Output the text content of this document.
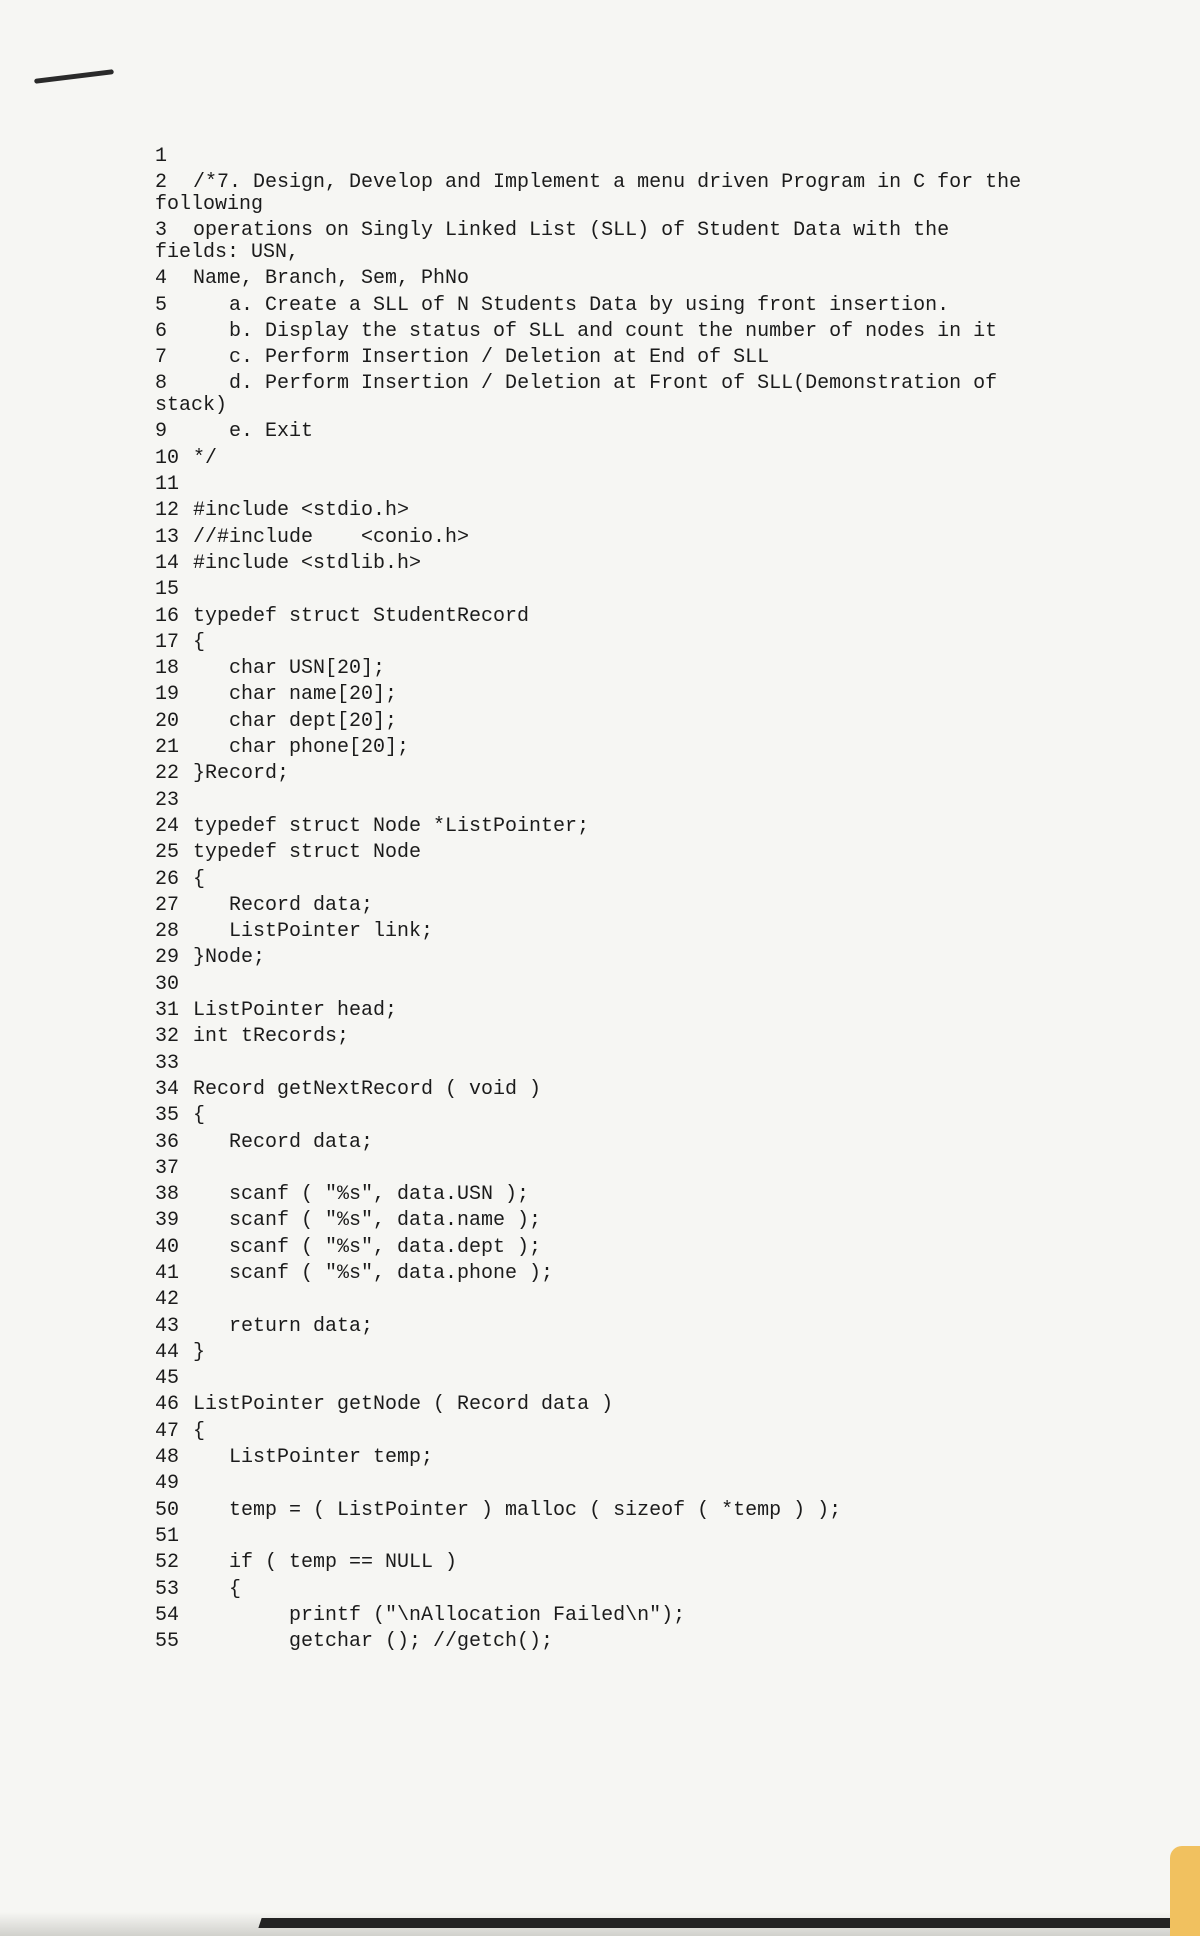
1
2	/*7. Design, Develop and Implement a menu driven Program in C for the
following
3	operations on Singly Linked List (SLL) of Student Data with the
fields: USN,
4	Name, Branch, Sem, PhNo
5	a. Create a SLL of N Students Data by using front insertion.
6	b. Display the status of SLL and count the number of nodes in it
7	c. Perform Insertion / Deletion at End of SLL
8	d. Perform Insertion / Deletion at Front of SLL(Demonstration of
stack)
9	e. Exit
10 */
11
12 #include <stdio.h>
13 //#include    <conio.h>
14 #include <stdlib.h>
15
16 typedef struct StudentRecord
17 {
18 char USN[20];
19 char name[20];
20 char dept[20];
21 char phone[20];
22 }Record;
23
24 typedef struct Node *ListPointer;
25 typedef struct Node
26 {
27 Record data;
28 ListPointer link;
29 }Node;
30
31 ListPointer head;
32 int tRecords;
33
34 Record getNextRecord ( void )
35 {
36 Record data;
37
38 scanf ( "%s", data.USN );
39 scanf ( "%s", data.name );
40 scanf ( "%s", data.dept );
41 scanf ( "%s", data.phone );
42
43 return data;
44 }
45
46 ListPointer getNode ( Record data )
47 {
48 ListPointer temp;
49
50 temp = ( ListPointer ) malloc ( sizeof ( *temp ) );
51
52 if ( temp == NULL )
53 {
54 printf ("\nAllocation Failed\n");
55 getchar (); //getch();
